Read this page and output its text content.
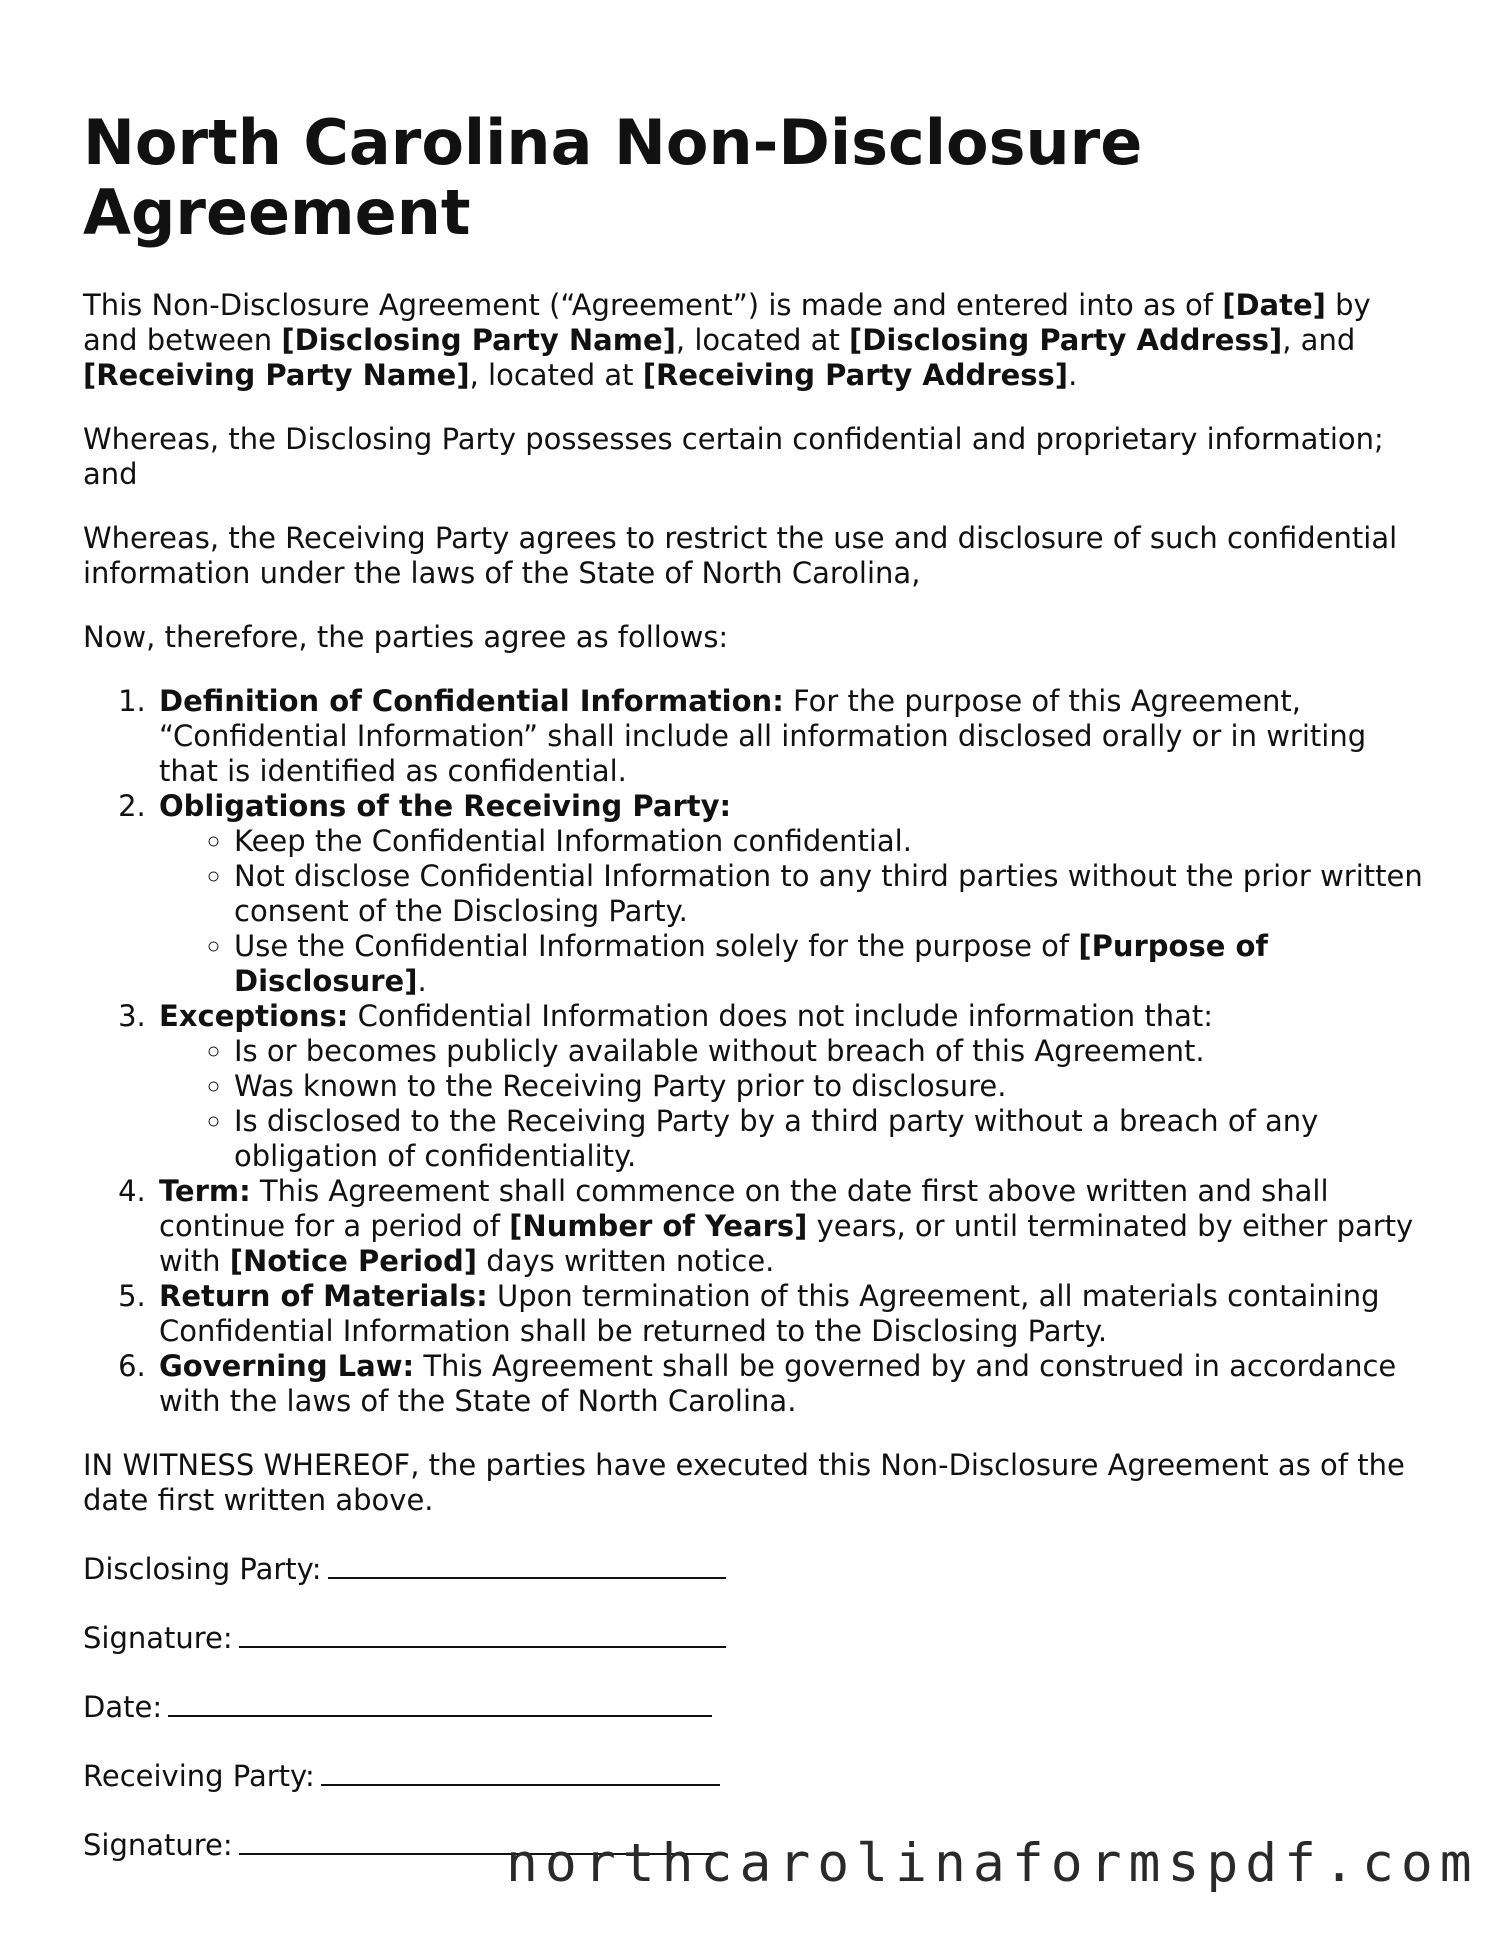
North Carolina Non-Disclosure Agreement

This Non-Disclosure Agreement (“Agreement”) is made and entered into as of [Date] by and between [Disclosing Party Name], located at [Disclosing Party Address], and [Receiving Party Name], located at [Receiving Party Address].

Whereas, the Disclosing Party possesses certain confidential and proprietary information; and

Whereas, the Receiving Party agrees to restrict the use and disclosure of such confidential information under the laws of the State of North Carolina,

Now, therefore, the parties agree as follows:

1. Definition of Confidential Information: For the purpose of this Agreement, “Confidential Information” shall include all information disclosed orally or in writing that is identified as confidential.
2. Obligations of the Receiving Party:
◦ Keep the Confidential Information confidential.
◦ Not disclose Confidential Information to any third parties without the prior written consent of the Disclosing Party.
◦ Use the Confidential Information solely for the purpose of [Purpose of Disclosure].
3. Exceptions: Confidential Information does not include information that:
◦ Is or becomes publicly available without breach of this Agreement.
◦ Was known to the Receiving Party prior to disclosure.
◦ Is disclosed to the Receiving Party by a third party without a breach of any obligation of confidentiality.
4. Term: This Agreement shall commence on the date first above written and shall continue for a period of [Number of Years] years, or until terminated by either party with [Notice Period] days written notice.
5. Return of Materials: Upon termination of this Agreement, all materials containing Confidential Information shall be returned to the Disclosing Party.
6. Governing Law: This Agreement shall be governed by and construed in accordance with the laws of the State of North Carolina.

IN WITNESS WHEREOF, the parties have executed this Non-Disclosure Agreement as of the date first written above.

Disclosing Party:
Signature:
Date:
Receiving Party:
Signature:	northcarolinaformspdf.com
